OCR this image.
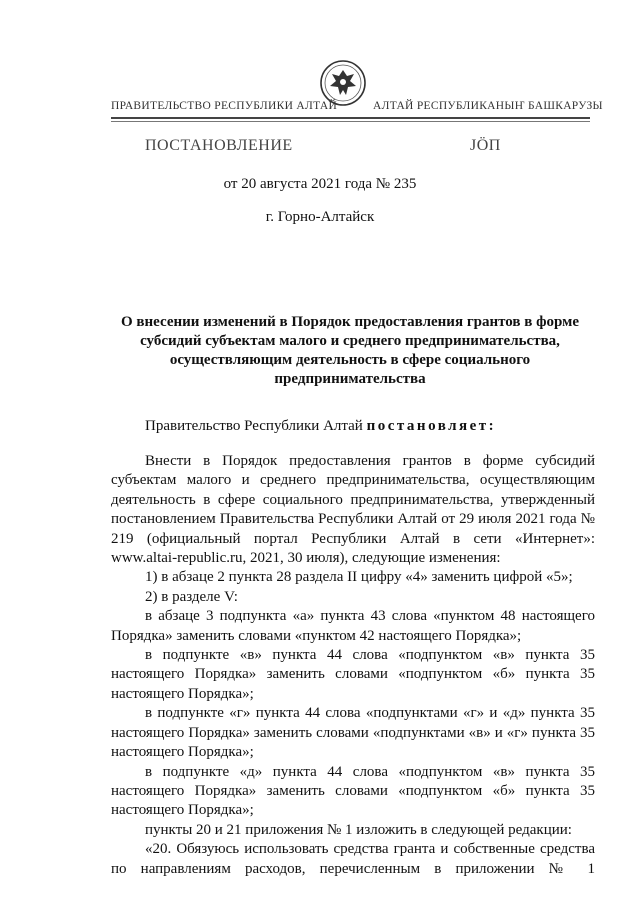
ПРАВИТЕЛЬСТВО РЕСПУБЛИКИ АЛТАЙ	АЛТАЙ РЕСПУБЛИКАНЫҤ БАШКАРУЗЫ
ПОСТАНОВЛЕНИЕ	ЈӦП
от 20 августа 2021 года № 235
г. Горно-Алтайск
О внесении изменений в Порядок предоставления грантов в форме субсидий субъектам малого и среднего предпринимательства, осуществляющим деятельность в сфере социального предпринимательства
Правительство Республики Алтай постановляет:

Внести в Порядок предоставления грантов в форме субсидий субъектам малого и среднего предпринимательства, осуществляющим деятельность в сфере социального предпринимательства, утвержденный постановлением Правительства Республики Алтай от 29 июля 2021 года № 219 (официальный портал Республики Алтай в сети «Интернет»: www.altai-republic.ru, 2021, 30 июля), следующие изменения:

1) в абзаце 2 пункта 28 раздела II цифру «4» заменить цифрой «5»;

2) в разделе V:

в абзаце 3 подпункта «а» пункта 43 слова «пунктом 48 настоящего Порядка» заменить словами «пунктом 42 настоящего Порядка»;

в подпункте «в» пункта 44 слова «подпунктом «в» пункта 35 настоящего Порядка» заменить словами «подпунктом «б» пункта 35 настоящего Порядка»;

в подпункте «г» пункта 44 слова «подпунктами «г» и «д» пункта 35 настоящего Порядка» заменить словами «подпунктами «в» и «г» пункта 35 настоящего Порядка»;

в подпункте «д» пункта 44 слова «подпунктом «в» пункта 35 настоящего Порядка» заменить словами «подпунктом «б» пункта 35 настоящего Порядка»;

пункты 20 и 21 приложения № 1 изложить в следующей редакции:

«20. Обязуюсь использовать средства гранта и собственные средства по направлениям расходов, перечисленным в приложении № 1
